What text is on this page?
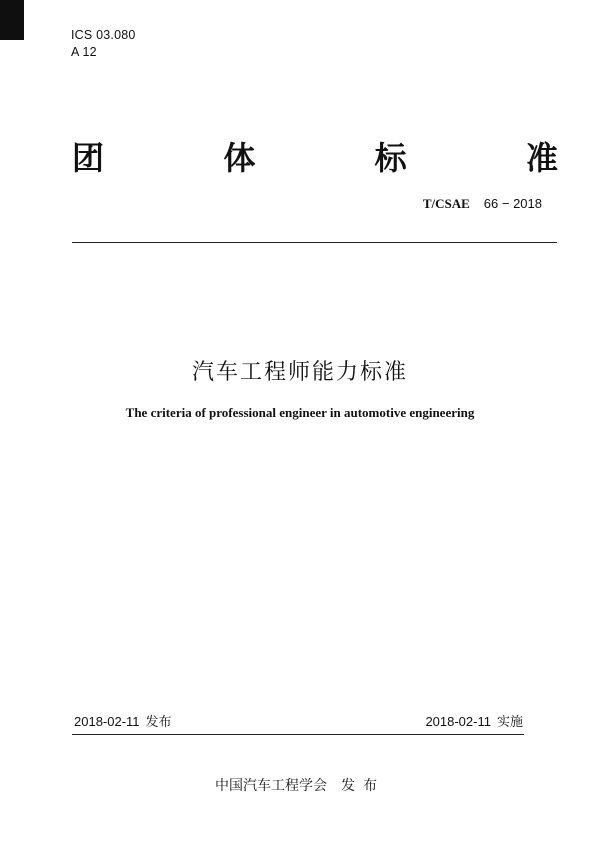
ICS 03.080
A 12
团	体	标	准
T/CSAE 66 − 2018
汽车工程师能力标准
The criteria of professional engineer in automotive engineering
2018-02-11 发布	2018-02-11 实施
中国汽车工程学会 发布
